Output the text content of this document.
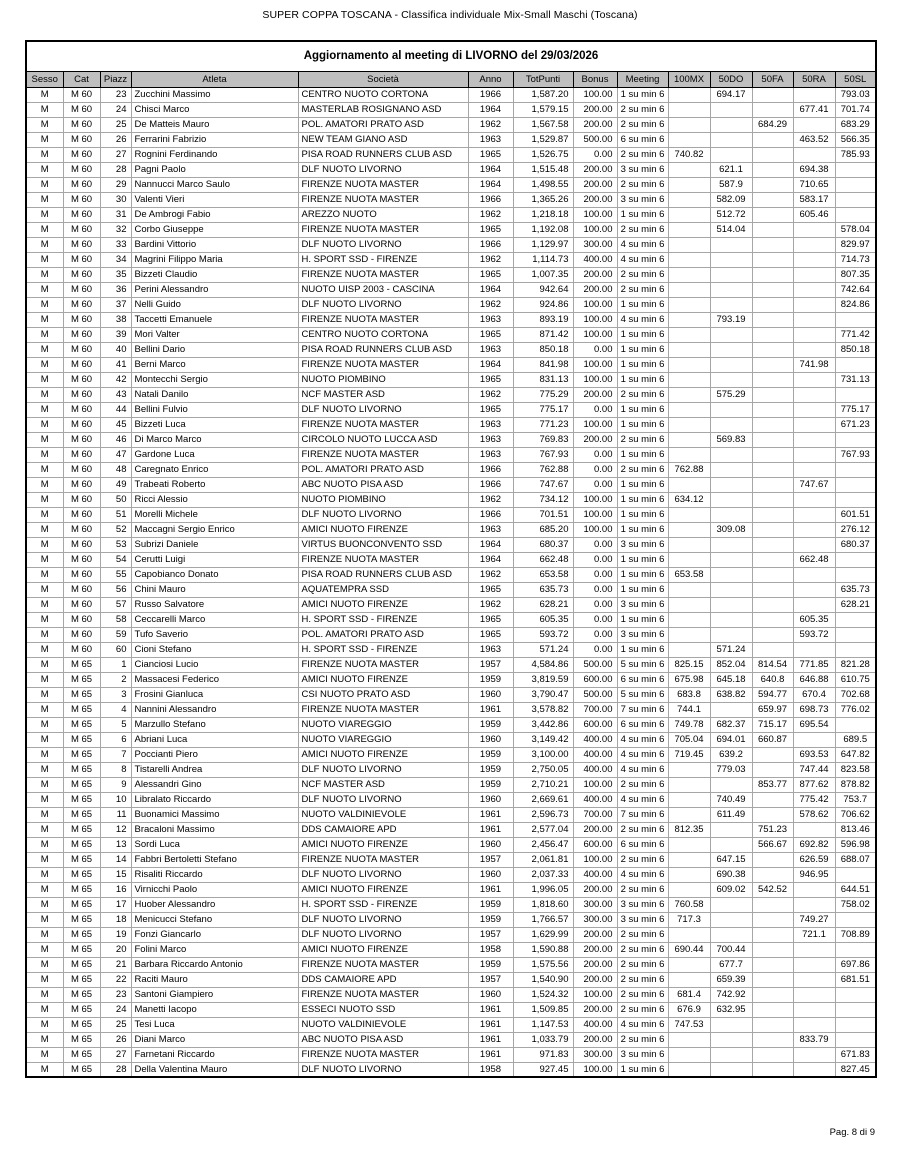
SUPER COPPA TOSCANA - Classifica individuale Mix-Small Maschi (Toscana)
Aggiornamento al meeting di LIVORNO del 29/03/2026													
Sesso	Cat	Piazz	Atleta	Società	Anno	TotPunti	Bonus	Meeting	100MX	50DO	50FA	50RA	50SL
M	M 60	23	Zucchini Massimo	CENTRO NUOTO CORTONA	1966	1,587.20	100.00	1 su min 6		694.17			793.03
M	M 60	24	Chisci Marco	MASTERLAB ROSIGNANO ASD	1964	1,579.15	200.00	2 su min 6				677.41	701.74
M	M 60	25	De Matteis Mauro	POL. AMATORI PRATO ASD	1962	1,567.58	200.00	2 su min 6			684.29		683.29
M	M 60	26	Ferrarini Fabrizio	NEW TEAM GIANO ASD	1963	1,529.87	500.00	6 su min 6				463.52	566.35
M	M 60	27	Rognini Ferdinando	PISA ROAD RUNNERS CLUB ASD	1965	1,526.75	0.00	2 su min 6	740.82				785.93
M	M 60	28	Pagni Paolo	DLF NUOTO LIVORNO	1964	1,515.48	200.00	3 su min 6		621.1		694.38	
M	M 60	29	Nannucci Marco Saulo	FIRENZE NUOTA MASTER	1964	1,498.55	200.00	2 su min 6		587.9		710.65	
M	M 60	30	Valenti Vieri	FIRENZE NUOTA MASTER	1966	1,365.26	200.00	3 su min 6		582.09		583.17	
M	M 60	31	De Ambrogi Fabio	AREZZO NUOTO	1962	1,218.18	100.00	1 su min 6		512.72		605.46	
M	M 60	32	Corbo Giuseppe	FIRENZE NUOTA MASTER	1965	1,192.08	100.00	2 su min 6		514.04			578.04
M	M 60	33	Bardini Vittorio	DLF NUOTO LIVORNO	1966	1,129.97	300.00	4 su min 6					829.97
M	M 60	34	Magrini Filippo Maria	H. SPORT SSD - FIRENZE	1962	1,114.73	400.00	4 su min 6					714.73
M	M 60	35	Bizzeti Claudio	FIRENZE NUOTA MASTER	1965	1,007.35	200.00	2 su min 6					807.35
M	M 60	36	Perini Alessandro	NUOTO UISP 2003 - CASCINA	1964	942.64	200.00	2 su min 6					742.64
M	M 60	37	Nelli Guido	DLF NUOTO LIVORNO	1962	924.86	100.00	1 su min 6					824.86
M	M 60	38	Taccetti Emanuele	FIRENZE NUOTA MASTER	1963	893.19	100.00	4 su min 6		793.19			
M	M 60	39	Mori Valter	CENTRO NUOTO CORTONA	1965	871.42	100.00	1 su min 6					771.42
M	M 60	40	Bellini Dario	PISA ROAD RUNNERS CLUB ASD	1963	850.18	0.00	1 su min 6					850.18
M	M 60	41	Berni Marco	FIRENZE NUOTA MASTER	1964	841.98	100.00	1 su min 6				741.98	
M	M 60	42	Montecchi Sergio	NUOTO PIOMBINO	1965	831.13	100.00	1 su min 6					731.13
M	M 60	43	Natali Danilo	NCF MASTER ASD	1962	775.29	200.00	2 su min 6		575.29			
M	M 60	44	Bellini Fulvio	DLF NUOTO LIVORNO	1965	775.17	0.00	1 su min 6					775.17
M	M 60	45	Bizzeti Luca	FIRENZE NUOTA MASTER	1963	771.23	100.00	1 su min 6					671.23
M	M 60	46	Di Marco Marco	CIRCOLO NUOTO LUCCA ASD	1963	769.83	200.00	2 su min 6		569.83			
M	M 60	47	Gardone Luca	FIRENZE NUOTA MASTER	1963	767.93	0.00	1 su min 6					767.93
M	M 60	48	Caregnato Enrico	POL. AMATORI PRATO ASD	1966	762.88	0.00	2 su min 6	762.88				
M	M 60	49	Trabeati Roberto	ABC NUOTO PISA ASD	1966	747.67	0.00	1 su min 6				747.67	
M	M 60	50	Ricci Alessio	NUOTO PIOMBINO	1962	734.12	100.00	1 su min 6	634.12				
M	M 60	51	Morelli Michele	DLF NUOTO LIVORNO	1966	701.51	100.00	1 su min 6					601.51
M	M 60	52	Maccagni Sergio Enrico	AMICI NUOTO FIRENZE	1963	685.20	100.00	1 su min 6		309.08			276.12
M	M 60	53	Subrizi Daniele	VIRTUS BUONCONVENTO SSD	1964	680.37	0.00	3 su min 6					680.37
M	M 60	54	Cerutti Luigi	FIRENZE NUOTA MASTER	1964	662.48	0.00	1 su min 6				662.48	
M	M 60	55	Capobianco Donato	PISA ROAD RUNNERS CLUB ASD	1962	653.58	0.00	1 su min 6	653.58				
M	M 60	56	Chini Mauro	AQUATEMPRA SSD	1965	635.73	0.00	1 su min 6					635.73
M	M 60	57	Russo Salvatore	AMICI NUOTO FIRENZE	1962	628.21	0.00	3 su min 6					628.21
M	M 60	58	Ceccarelli Marco	H. SPORT SSD - FIRENZE	1965	605.35	0.00	1 su min 6				605.35	
M	M 60	59	Tufo Saverio	POL. AMATORI PRATO ASD	1965	593.72	0.00	3 su min 6				593.72	
M	M 60	60	Cioni Stefano	H. SPORT SSD - FIRENZE	1963	571.24	0.00	1 su min 6		571.24			
M	M 65	1	Cianciosi Lucio	FIRENZE NUOTA MASTER	1957	4,584.86	500.00	5 su min 6	825.15	852.04	814.54	771.85	821.28
M	M 65	2	Massacesi Federico	AMICI NUOTO FIRENZE	1959	3,819.59	600.00	6 su min 6	675.98	645.18	640.8	646.88	610.75
M	M 65	3	Frosini Gianluca	CSI NUOTO PRATO ASD	1960	3,790.47	500.00	5 su min 6	683.8	638.82	594.77	670.4	702.68
M	M 65	4	Nannini Alessandro	FIRENZE NUOTA MASTER	1961	3,578.82	700.00	7 su min 6	744.1		659.97	698.73	776.02
M	M 65	5	Marzullo Stefano	NUOTO VIAREGGIO	1959	3,442.86	600.00	6 su min 6	749.78	682.37	715.17	695.54	
M	M 65	6	Abriani Luca	NUOTO VIAREGGIO	1960	3,149.42	400.00	4 su min 6	705.04	694.01	660.87		689.5
M	M 65	7	Poccianti Piero	AMICI NUOTO FIRENZE	1959	3,100.00	400.00	4 su min 6	719.45	639.2		693.53	647.82
M	M 65	8	Tistarelli Andrea	DLF NUOTO LIVORNO	1959	2,750.05	400.00	4 su min 6		779.03		747.44	823.58
M	M 65	9	Alessandri Gino	NCF MASTER ASD	1959	2,710.21	100.00	2 su min 6			853.77	877.62	878.82
M	M 65	10	Libralato Riccardo	DLF NUOTO LIVORNO	1960	2,669.61	400.00	4 su min 6		740.49		775.42	753.7
M	M 65	11	Buonamici Massimo	NUOTO VALDINIEVOLE	1961	2,596.73	700.00	7 su min 6		611.49		578.62	706.62
M	M 65	12	Bracaloni Massimo	DDS CAMAIORE APD	1961	2,577.04	200.00	2 su min 6	812.35		751.23		813.46
M	M 65	13	Sordi Luca	AMICI NUOTO FIRENZE	1960	2,456.47	600.00	6 su min 6			566.67	692.82	596.98
M	M 65	14	Fabbri Bertoletti Stefano	FIRENZE NUOTA MASTER	1957	2,061.81	100.00	2 su min 6		647.15		626.59	688.07
M	M 65	15	Risaliti Riccardo	DLF NUOTO LIVORNO	1960	2,037.33	400.00	4 su min 6		690.38		946.95	
M	M 65	16	Virnicchi Paolo	AMICI NUOTO FIRENZE	1961	1,996.05	200.00	2 su min 6		609.02	542.52		644.51
M	M 65	17	Huober Alessandro	H. SPORT SSD - FIRENZE	1959	1,818.60	300.00	3 su min 6	760.58				758.02
M	M 65	18	Menicucci Stefano	DLF NUOTO LIVORNO	1959	1,766.57	300.00	3 su min 6	717.3			749.27	
M	M 65	19	Fonzi Giancarlo	DLF NUOTO LIVORNO	1957	1,629.99	200.00	2 su min 6				721.1	708.89
M	M 65	20	Folini Marco	AMICI NUOTO FIRENZE	1958	1,590.88	200.00	2 su min 6	690.44	700.44			
M	M 65	21	Barbara Riccardo Antonio	FIRENZE NUOTA MASTER	1959	1,575.56	200.00	2 su min 6		677.7			697.86
M	M 65	22	Raciti Mauro	DDS CAMAIORE APD	1957	1,540.90	200.00	2 su min 6		659.39			681.51
M	M 65	23	Santoni Giampiero	FIRENZE NUOTA MASTER	1960	1,524.32	100.00	2 su min 6	681.4	742.92			
M	M 65	24	Manetti Iacopo	ESSECI NUOTO SSD	1961	1,509.85	200.00	2 su min 6	676.9	632.95			
M	M 65	25	Tesi Luca	NUOTO VALDINIEVOLE	1961	1,147.53	400.00	4 su min 6	747.53				
M	M 65	26	Diani Marco	ABC NUOTO PISA ASD	1961	1,033.79	200.00	2 su min 6				833.79	
M	M 65	27	Farnetani Riccardo	FIRENZE NUOTA MASTER	1961	971.83	300.00	3 su min 6					671.83
M	M 65	28	Della Valentina Mauro	DLF NUOTO LIVORNO	1958	927.45	100.00	1 su min 6					827.45
Pag. 8 di 9
